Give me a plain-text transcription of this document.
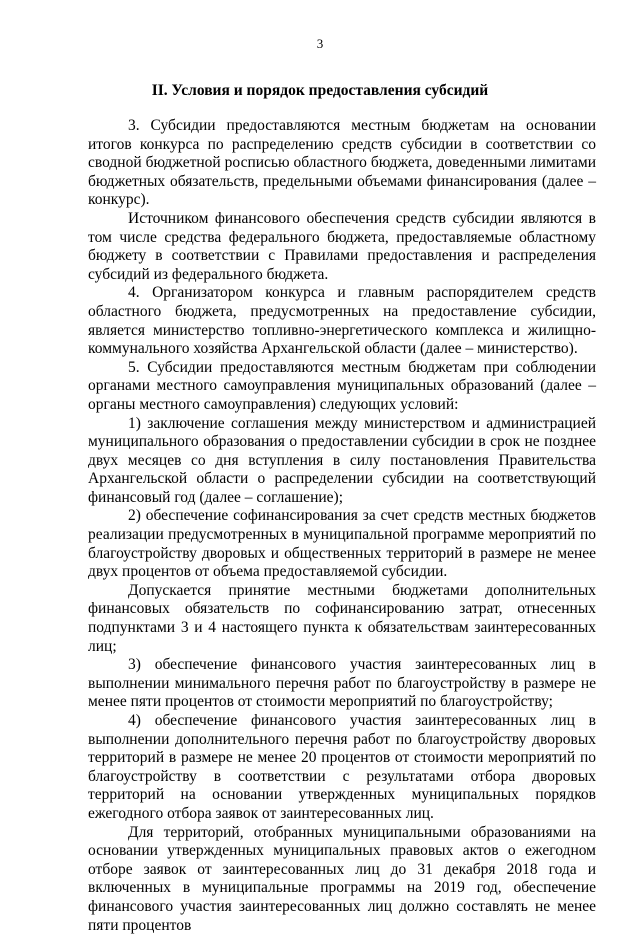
3
II. Условия и порядок предоставления субсидий

3. Субсидии предоставляются местным бюджетам на основании итогов конкурса по распределению средств субсидии в соответствии со сводной бюджетной росписью областного бюджета, доведенными лимитами бюджетных обязательств, предельными объемами финансирования (далее – конкурс).

Источником финансового обеспечения средств субсидии являются в том числе средства федерального бюджета, предоставляемые областному бюджету в соответствии с Правилами предоставления и распределения субсидий из федерального бюджета.

4. Организатором конкурса и главным распорядителем средств областного бюджета, предусмотренных на предоставление субсидии, является министерство топливно-энергетического комплекса и жилищно-коммунального хозяйства Архангельской области (далее – министерство).

5. Субсидии предоставляются местным бюджетам при соблюдении органами местного самоуправления муниципальных образований (далее – органы местного самоуправления) следующих условий:

1) заключение соглашения между министерством и администрацией муниципального образования о предоставлении субсидии в срок не позднее двух месяцев со дня вступления в силу постановления Правительства Архангельской области о распределении субсидии на соответствующий финансовый год (далее – соглашение);

2) обеспечение софинансирования за счет средств местных бюджетов реализации предусмотренных в муниципальной программе мероприятий по благоустройству дворовых и общественных территорий в размере не менее двух процентов от объема предоставляемой субсидии.

Допускается принятие местными бюджетами дополнительных финансовых обязательств по софинансированию затрат, отнесенных подпунктами 3 и 4 настоящего пункта к обязательствам заинтересованных лиц;

3) обеспечение финансового участия заинтересованных лиц в выполнении минимального перечня работ по благоустройству в размере не менее пяти процентов от стоимости мероприятий по благоустройству;

4) обеспечение финансового участия заинтересованных лиц в выполнении дополнительного перечня работ по благоустройству дворовых территорий в размере не менее 20 процентов от стоимости мероприятий по благоустройству в соответствии с результатами отбора дворовых территорий на основании утвержденных муниципальных порядков ежегодного отбора заявок от заинтересованных лиц.

Для территорий, отобранных муниципальными образованиями на основании утвержденных муниципальных правовых актов о ежегодном отборе заявок от заинтересованных лиц до 31 декабря 2018 года и включенных в муниципальные программы на 2019 год, обеспечение финансового участия заинтересованных лиц должно составлять не менее пяти процентов
